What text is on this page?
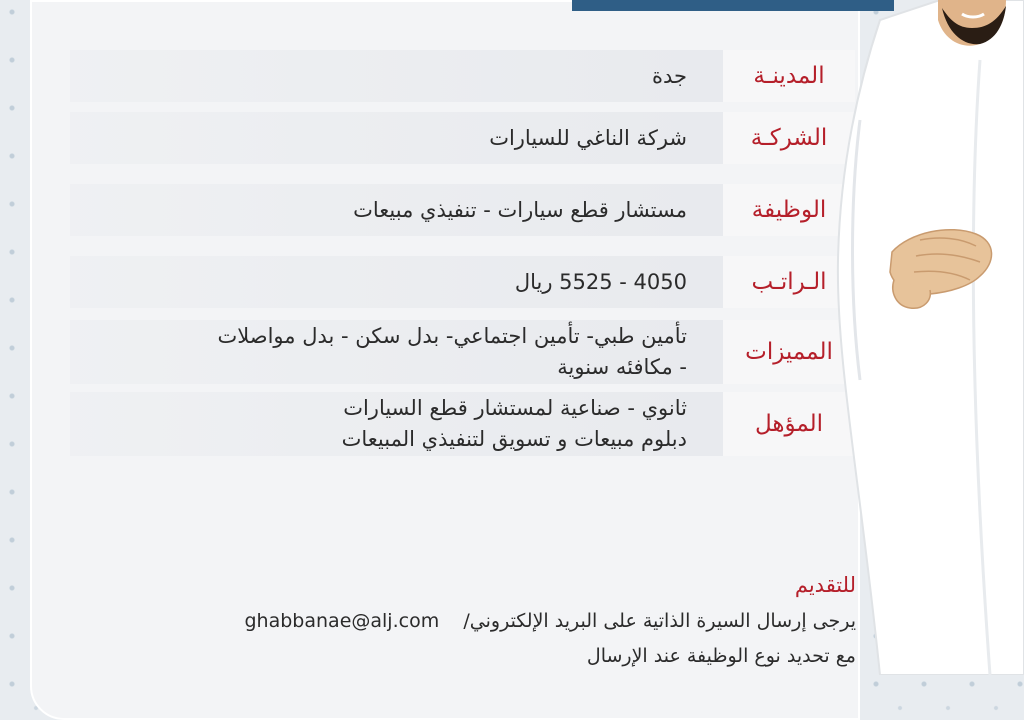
المدينـة
جدة
الشركـة
شركة الناغي للسيارات
الوظيفة
مستشار قطع سيارات - تنفيذي مبيعات
الـراتـب
4050 - 5525 ريال
المميزات
تأمين طبي- تأمين اجتماعي- بدل سكن - بدل مواصلات
- مكافئه سنوية
المؤهل
ثانوي - صناعية لمستشار قطع السيارات
دبلوم مبيعات و تسويق لتنفيذي المبيعات
للتقديم
يرجى إرسال السيرة الذاتية على البريد الإلكتروني/    ghabbanae@alj.com
مع تحديد نوع الوظيفة عند الإرسال
